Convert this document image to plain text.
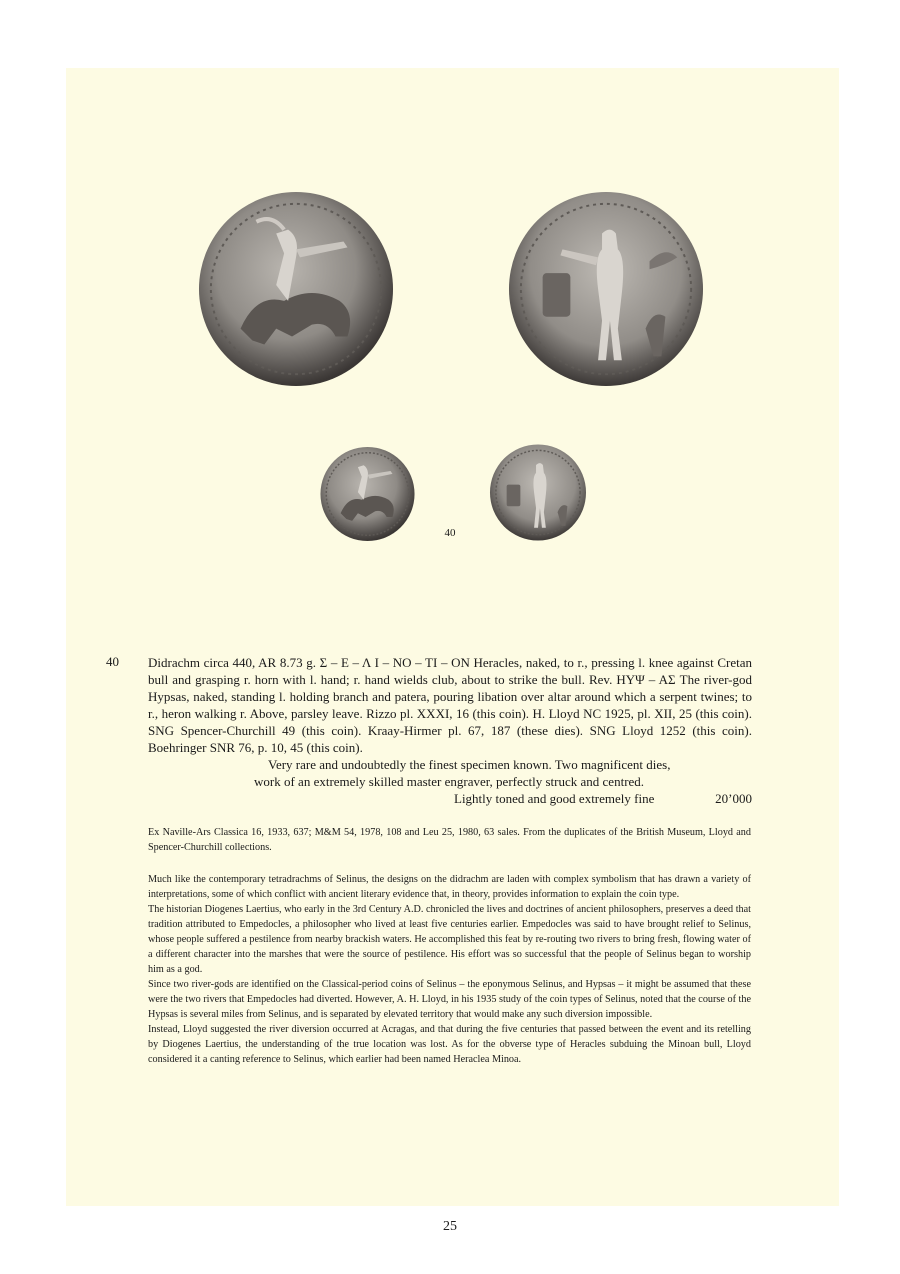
40
40 Didrachm circa 440, AR 8.73 g. Σ – Ε – Λ Ι – ΝΟ – ΤΙ – ΟΝ Heracles, naked, to r., pressing l. knee against Cretan bull and grasping r. horn with l. hand; r. hand wields club, about to strike the bull. Rev. ΗΥΨ – ΑΣ The river-god Hypsas, naked, standing l. holding branch and patera, pouring libation over altar around which a serpent twines; to r., heron walking r. Above, parsley leave. Rizzo pl. XXXI, 16 (this coin). H. Lloyd NC 1925, pl. XII, 25 (this coin). SNG Spencer-Churchill 49 (this coin). Kraay-Hirmer pl. 67, 187 (these dies). SNG Lloyd 1252 (this coin). Boehringer SNR 76, p. 10, 45 (this coin).

Very rare and undoubtedly the finest specimen known. Two magnificent dies,

work of an extremely skilled master engraver, perfectly struck and centred.

Lightly toned and good extremely fine	20’000

Ex Naville-Ars Classica 16, 1933, 637; M&M 54, 1978, 108 and Leu 25, 1980, 63 sales. From the duplicates of the British Museum, Lloyd and Spencer-Churchill collections.

Much like the contemporary tetradrachms of Selinus, the designs on the didrachm are laden with complex symbolism that has drawn a variety of interpretations, some of which conflict with ancient literary evidence that, in theory, provides information to explain the coin type.

The historian Diogenes Laertius, who early in the 3rd Century A.D. chronicled the lives and doctrines of ancient philosophers, preserves a deed that tradition attributed to Empedocles, a philosopher who lived at least five centuries earlier. Empedocles was said to have brought relief to Selinus, whose people suffered a pestilence from nearby brackish waters. He accomplished this feat by re-routing two rivers to bring fresh, flowing water of a different character into the marshes that were the source of pestilence. His effort was so successful that the people of Selinus began to worship him as a god.

Since two river-gods are identified on the Classical-period coins of Selinus – the eponymous Selinus, and Hypsas – it might be assumed that these were the two rivers that Empedocles had diverted. However, A. H. Lloyd, in his 1935 study of the coin types of Selinus, noted that the course of the Hypsas is several miles from Selinus, and is separated by elevated territory that would make any such diversion impossible.

Instead, Lloyd suggested the river diversion occurred at Acragas, and that during the five centuries that passed between the event and its retelling by Diogenes Laertius, the understanding of the true location was lost. As for the obverse type of Heracles subduing the Minoan bull, Lloyd considered it a canting reference to Selinus, which earlier had been named Heraclea Minoa.

25
